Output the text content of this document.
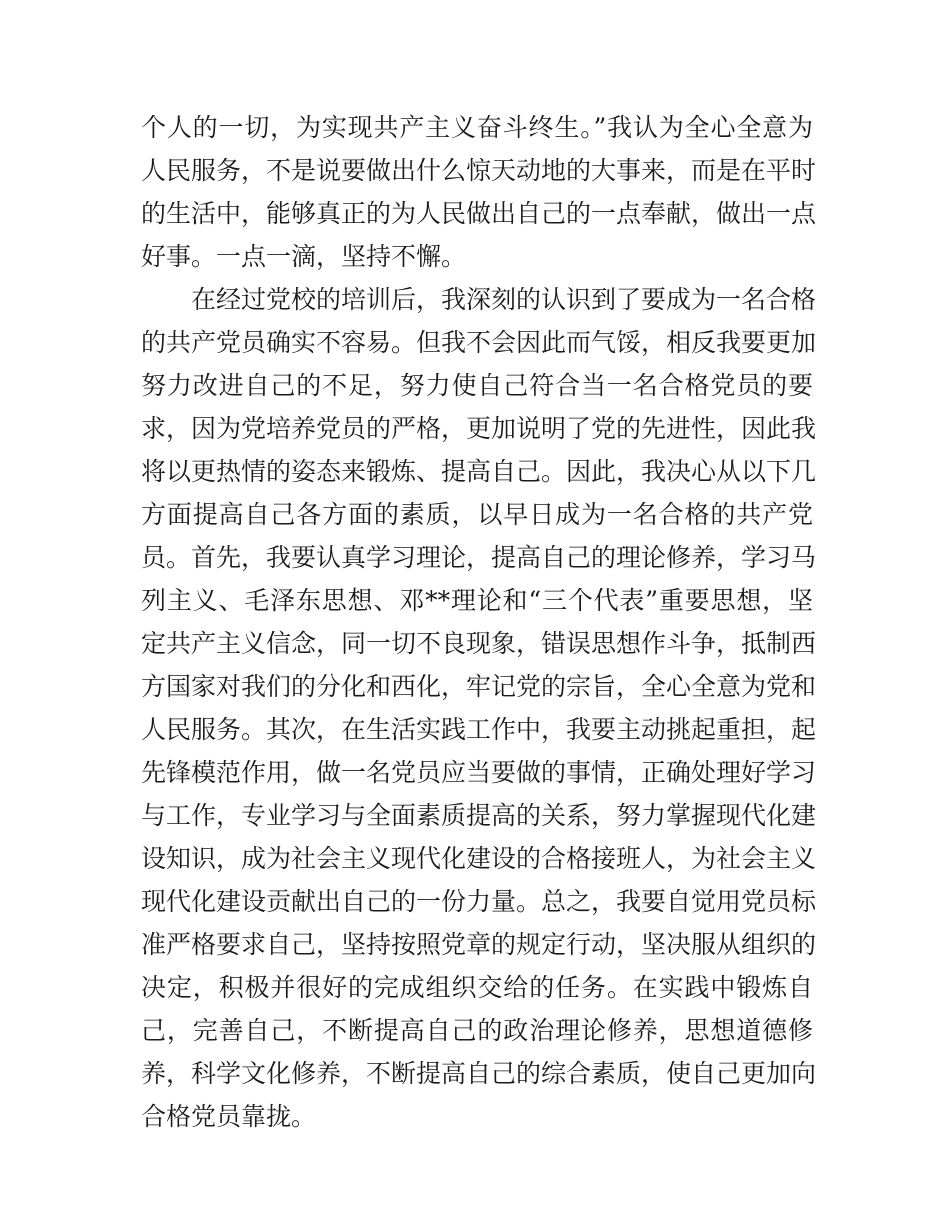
个人的一切，为实现共产主义奋斗终生。”我认为全心全意为
人民服务，不是说要做出什么惊天动地的大事来，而是在平时
的生活中，能够真正的为人民做出自己的一点奉献，做出一点
好事。一点一滴，坚持不懈。
在经过党校的培训后，我深刻的认识到了要成为一名合格
的共产党员确实不容易。但我不会因此而气馁，相反我要更加
努力改进自己的不足，努力使自己符合当一名合格党员的要
求，因为党培养党员的严格，更加说明了党的先进性，因此我
将以更热情的姿态来锻炼、提高自己。因此，我决心从以下几
方面提高自己各方面的素质，以早日成为一名合格的共产党
员。首先，我要认真学习理论，提高自己的理论修养，学习马
列主义、毛泽东思想、邓**理论和“三个代表”重要思想，坚
定共产主义信念，同一切不良现象，错误思想作斗争，抵制西
方国家对我们的分化和西化，牢记党的宗旨，全心全意为党和
人民服务。其次，在生活实践工作中，我要主动挑起重担，起
先锋模范作用，做一名党员应当要做的事情，正确处理好学习
与工作，专业学习与全面素质提高的关系，努力掌握现代化建
设知识，成为社会主义现代化建设的合格接班人，为社会主义
现代化建设贡献出自己的一份力量。总之，我要自觉用党员标
准严格要求自己，坚持按照党章的规定行动，坚决服从组织的
决定，积极并很好的完成组织交给的任务。在实践中锻炼自
己，完善自己，不断提高自己的政治理论修养，思想道德修
养，科学文化修养，不断提高自己的综合素质，使自己更加向
合格党员靠拢。
